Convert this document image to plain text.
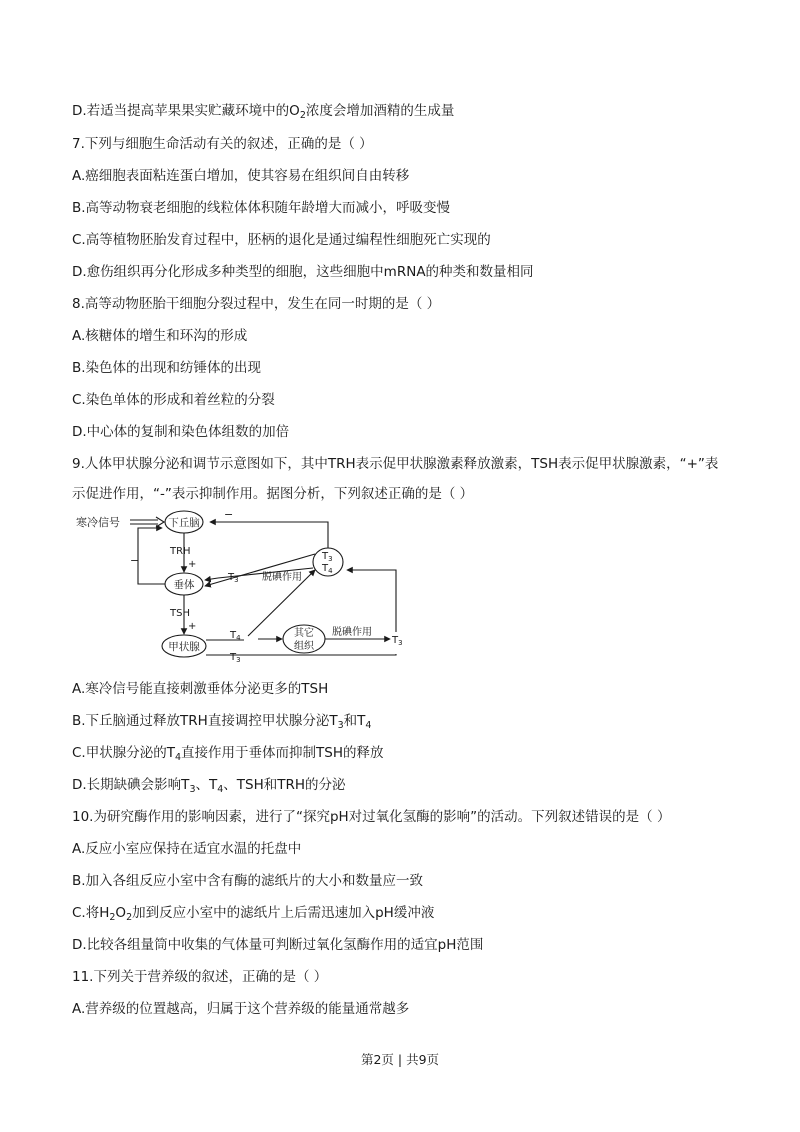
D.若适当提高苹果果实贮藏环境中的$O_2$浓度会增加酒精的生成量
7.下列与细胞生命活动有关的叙述，正确的是（ ）
A.癌细胞表面粘连蛋白增加，使其容易在组织间自由转移
B.高等动物衰老细胞的线粒体体积随年龄增大而减小，呼吸变慢
C.高等植物胚胎发育过程中，胚柄的退化是通过编程性细胞死亡实现的
D.愈伤组织再分化形成多种类型的细胞，这些细胞中mRNA的种类和数量相同
8.高等动物胚胎干细胞分裂过程中，发生在同一时期的是（ ）
A.核糖体的增生和环沟的形成
B.染色体的出现和纺锤体的出现
C.染色单体的形成和着丝粒的分裂
D.中心体的复制和染色体组数的加倍
9.人体甲状腺分泌和调节示意图如下，其中TRH表示促甲状腺激素释放激素，TSH表示促甲状腺激素，“+”表
示促进作用，“-”表示抑制作用。据图分析，下列叙述正确的是（ ）
寒冷信号	下丘脑
TRH
+
垂体
TSH
+
甲状腺
其它
组织
脱碘作用
脱碘作用
−
−
$T_3$
$T_4$
$T_3$
$T_4$
$T_3$
$T_3$
A.寒冷信号能直接刺激垂体分泌更多的TSH
B.下丘脑通过释放TRH直接调控甲状腺分泌$T_3$和$T_4$
C.甲状腺分泌的$T_4$直接作用于垂体而抑制TSH的释放
D.长期缺碘会影响$T_3$、$T_4$、TSH和TRH的分泌
10.为研究酶作用的影响因素，进行了“探究pH对过氧化氢酶的影响”的活动。下列叙述错误的是（ ）
A.反应小室应保持在适宜水温的托盘中
B.加入各组反应小室中含有酶的滤纸片的大小和数量应一致
C.将$H_2O_2$加到反应小室中的滤纸片上后需迅速加入pH缓冲液
D.比较各组量筒中收集的气体量可判断过氧化氢酶作用的适宜pH范围
11.下列关于营养级的叙述，正确的是（ ）
A.营养级的位置越高，归属于这个营养级的能量通常越多
第2页 | 共9页
